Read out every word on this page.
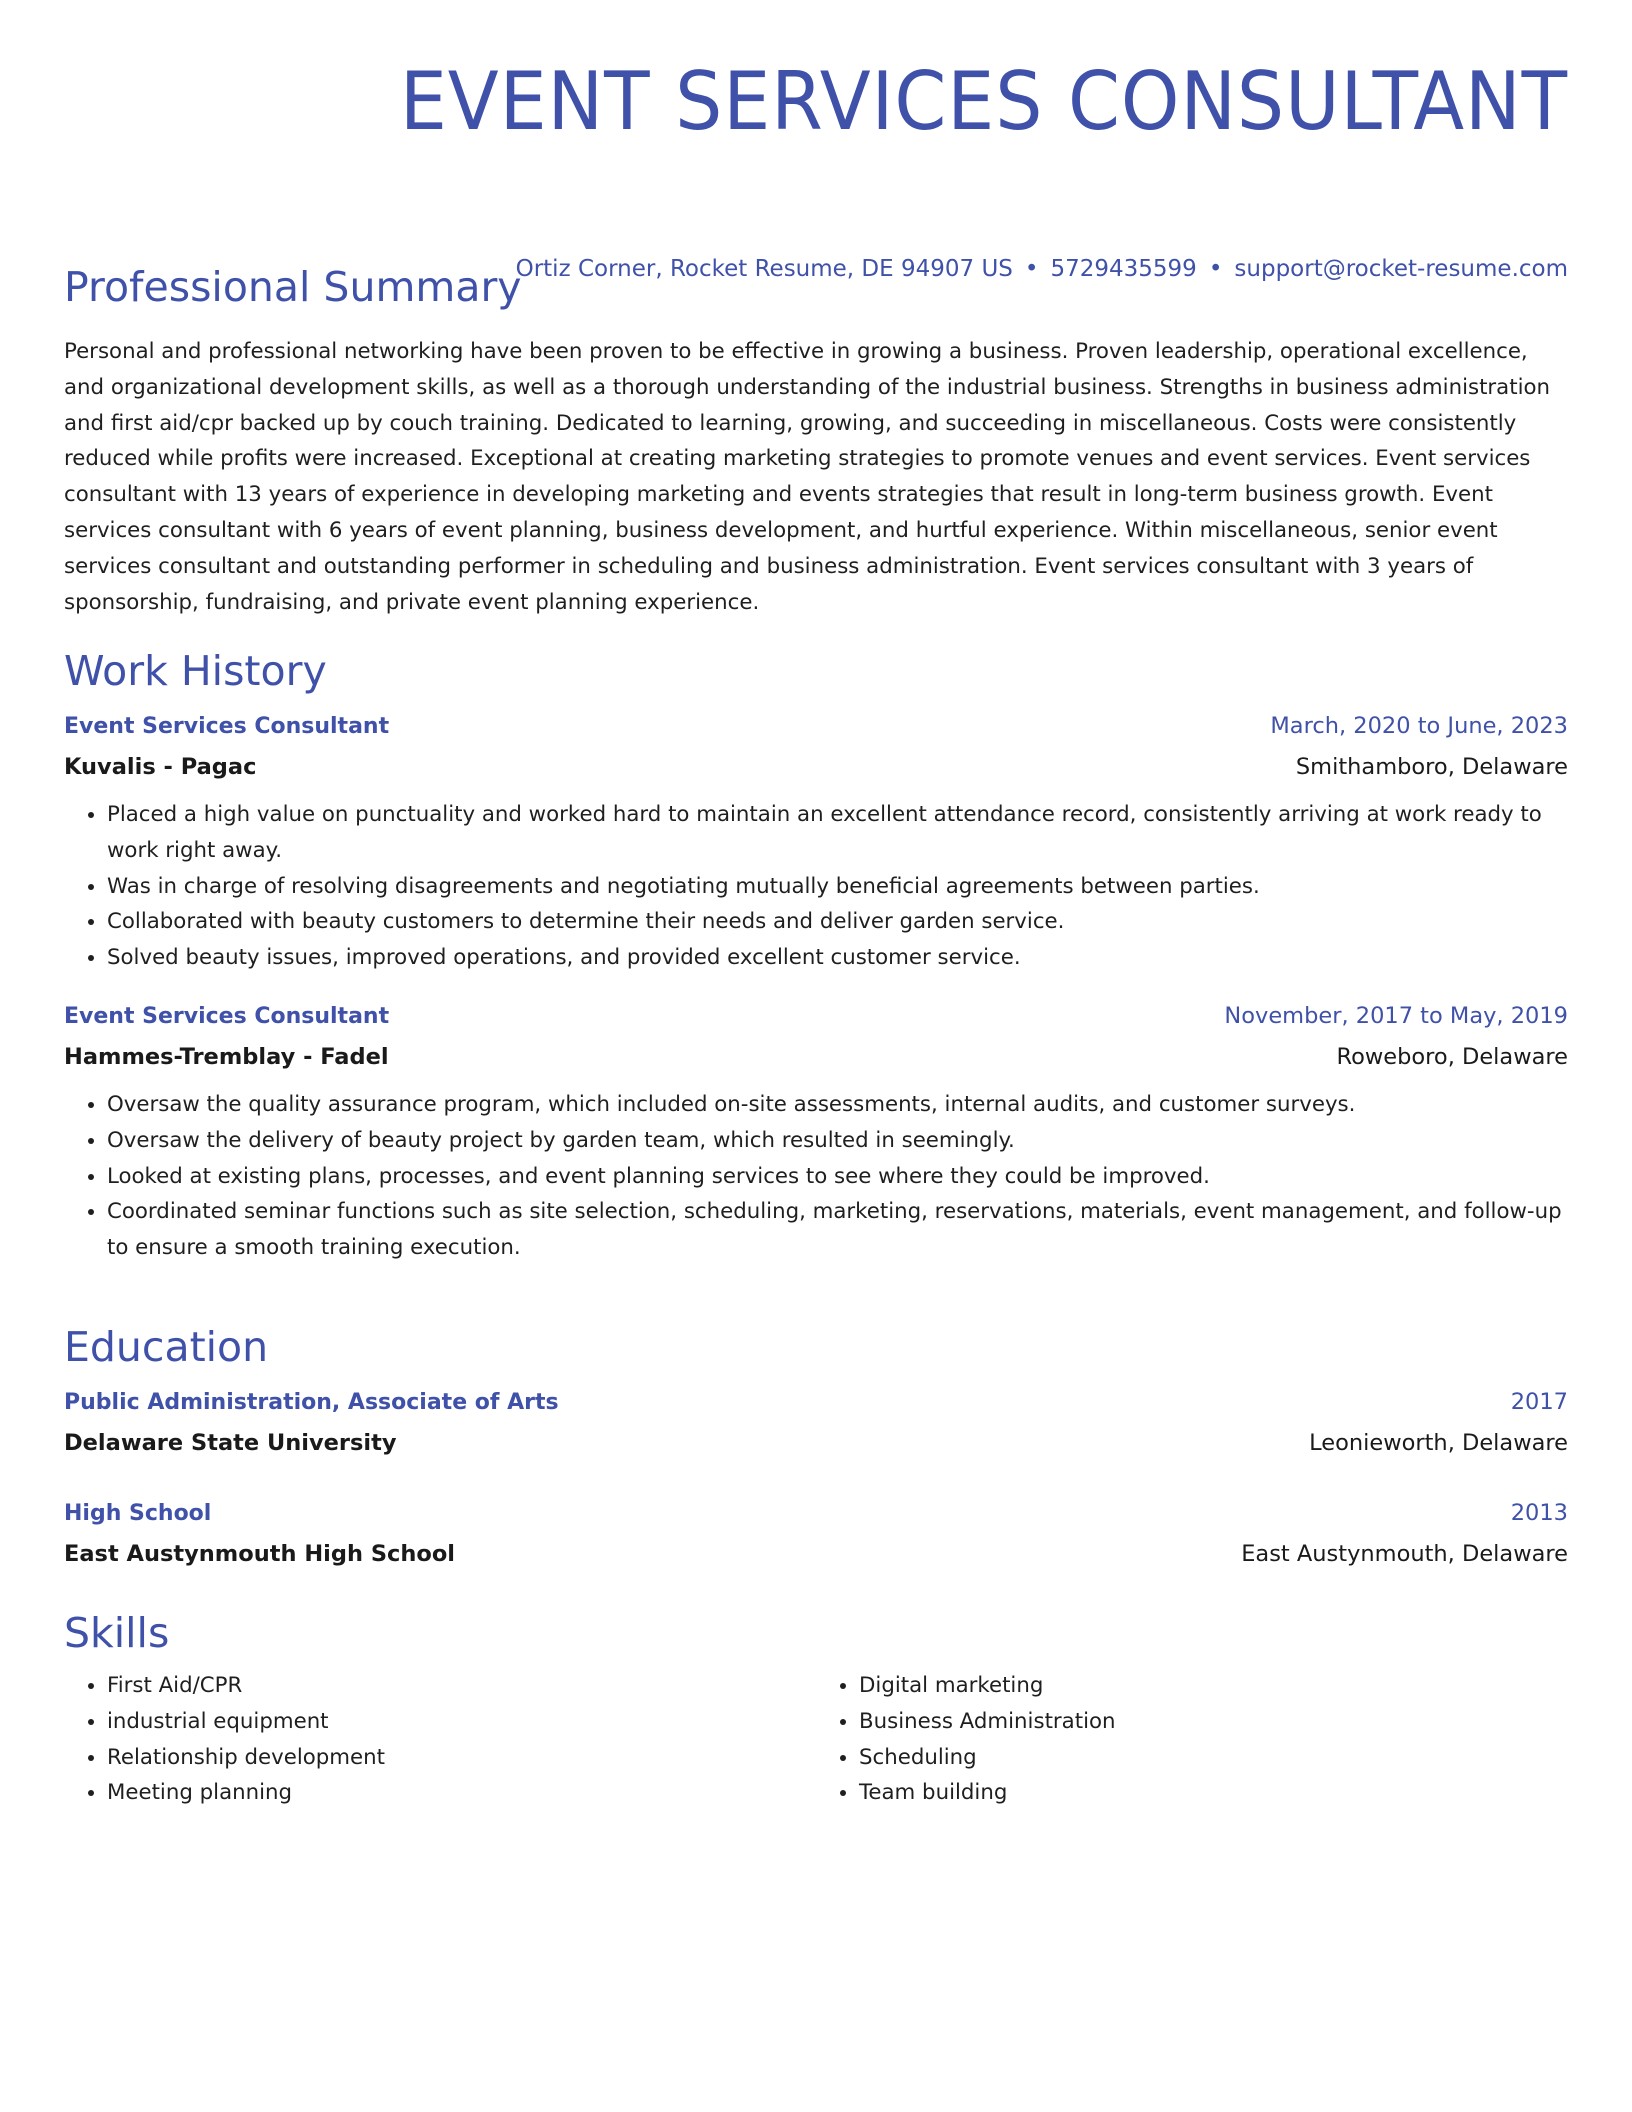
EVENT SERVICES CONSULTANT
Ortiz Corner, Rocket Resume, DE 94907 US • 5729435599 • support@rocket-resume.com
Professional Summary
Personal and professional networking have been proven to be effective in growing a business. Proven leadership, operational excellence, and organizational development skills, as well as a thorough understanding of the industrial business. Strengths in business administration and first aid/cpr backed up by couch training. Dedicated to learning, growing, and succeeding in miscellaneous. Costs were consistently reduced while profits were increased. Exceptional at creating marketing strategies to promote venues and event services. Event services consultant with 13 years of experience in developing marketing and events strategies that result in long-term business growth. Event services consultant with 6 years of event planning, business development, and hurtful experience. Within miscellaneous, senior event services consultant and outstanding performer in scheduling and business administration. Event services consultant with 3 years of sponsorship, fundraising, and private event planning experience.
Work History
Event Services Consultant	March, 2020 to June, 2023
Kuvalis - Pagac	Smithamboro, Delaware
• Placed a high value on punctuality and worked hard to maintain an excellent attendance record, consistently arriving at work ready to work right away.
• Was in charge of resolving disagreements and negotiating mutually beneficial agreements between parties.
• Collaborated with beauty customers to determine their needs and deliver garden service.
• Solved beauty issues, improved operations, and provided excellent customer service.
Event Services Consultant	November, 2017 to May, 2019
Hammes-Tremblay - Fadel	Roweboro, Delaware
• Oversaw the quality assurance program, which included on-site assessments, internal audits, and customer surveys.
• Oversaw the delivery of beauty project by garden team, which resulted in seemingly.
• Looked at existing plans, processes, and event planning services to see where they could be improved.
• Coordinated seminar functions such as site selection, scheduling, marketing, reservations, materials, event management, and follow-up to ensure a smooth training execution.
Education
Public Administration, Associate of Arts	2017
Delaware State University	Leonieworth, Delaware
High School	2013
East Austynmouth High School	East Austynmouth, Delaware
Skills
• First Aid/CPR
• industrial equipment
• Relationship development
• Meeting planning
• Digital marketing
• Business Administration
• Scheduling
• Team building
